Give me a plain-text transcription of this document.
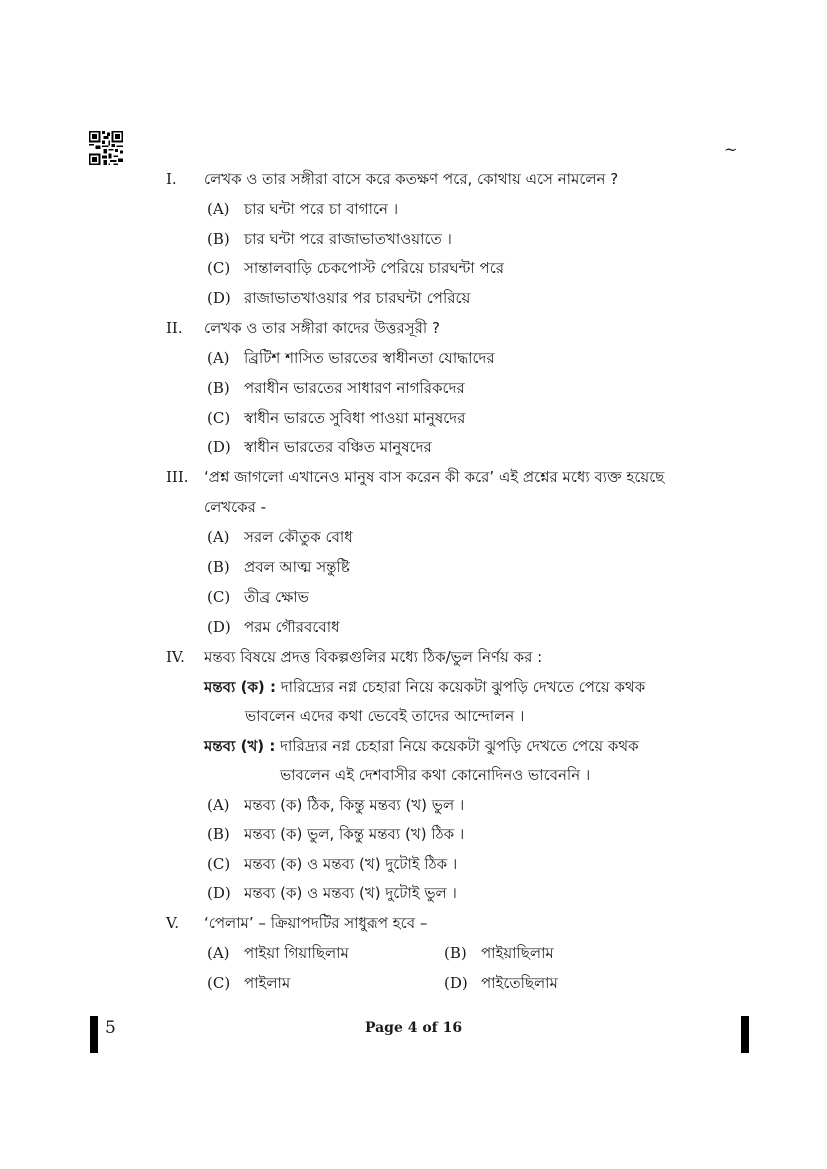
~
I. লেখক ও তার সঙ্গীরা বাসে করে কতক্ষণ পরে, কোথায় এসে নামলেন ?
(A) চার ঘন্টা পরে চা বাগানে ।
(B) চার ঘন্টা পরে রাজাভাতখাওয়াতে ।
(C) সান্তালবাড়ি চেকপোস্ট পেরিয়ে চারঘন্টা পরে
(D) রাজাভাতখাওয়ার পর চারঘন্টা পেরিয়ে
II. লেখক ও তার সঙ্গীরা কাদের উত্তরসূরী ?
(A) ব্রিটিশ শাসিত ভারতের স্বাধীনতা যোদ্ধাদের
(B) পরাধীন ভারতের সাধারণ নাগরিকদের
(C) স্বাধীন ভারতে সুবিধা পাওয়া মানুষদের
(D) স্বাধীন ভারতের বঞ্চিত মানুষদের
III. ‘প্রশ্ন জাগলো এখানেও মানুষ বাস করেন কী করে’ এই প্রশ্নের মধ্যে ব্যক্ত হয়েছে
লেখকের -
(A) সরল কৌতুক বোধ
(B) প্রবল আত্ম সন্তুষ্টি
(C) তীব্র ক্ষোভ
(D) পরম গৌরববোধ
IV. মন্তব্য বিষয়ে প্রদত্ত বিকল্পগুলির মধ্যে ঠিক/ভুল নির্ণয় কর :
মন্তব্য (ক) : দারিদ্র্যের নগ্ন চেহারা নিয়ে কয়েকটা ঝুপড়ি দেখতে পেয়ে কথক
ভাবলেন এদের কথা ভেবেই তাদের আন্দোলন ।
মন্তব্য (খ) : দারিদ্র্যর নগ্ন চেহারা নিয়ে কয়েকটা ঝুপড়ি দেখতে পেয়ে কথক
ভাবলেন এই দেশবাসীর কথা কোনোদিনও ভাবেননি ।
(A) মন্তব্য (ক) ঠিক, কিন্তু মন্তব্য (খ) ভুল ।
(B) মন্তব্য (ক) ভুল, কিন্তু মন্তব্য (খ) ঠিক ।
(C) মন্তব্য (ক) ও মন্তব্য (খ) দুটোই ঠিক ।
(D) মন্তব্য (ক) ও মন্তব্য (খ) দুটোই ভুল ।
V. ‘পেলাম’ – ক্রিয়াপদটির সাধুরূপ হবে –
(A) পাইয়া গিয়াছিলাম	(B) পাইয়াছিলাম
(C) পাইলাম	(D) পাইতেছিলাম
5	Page 4 of 16
